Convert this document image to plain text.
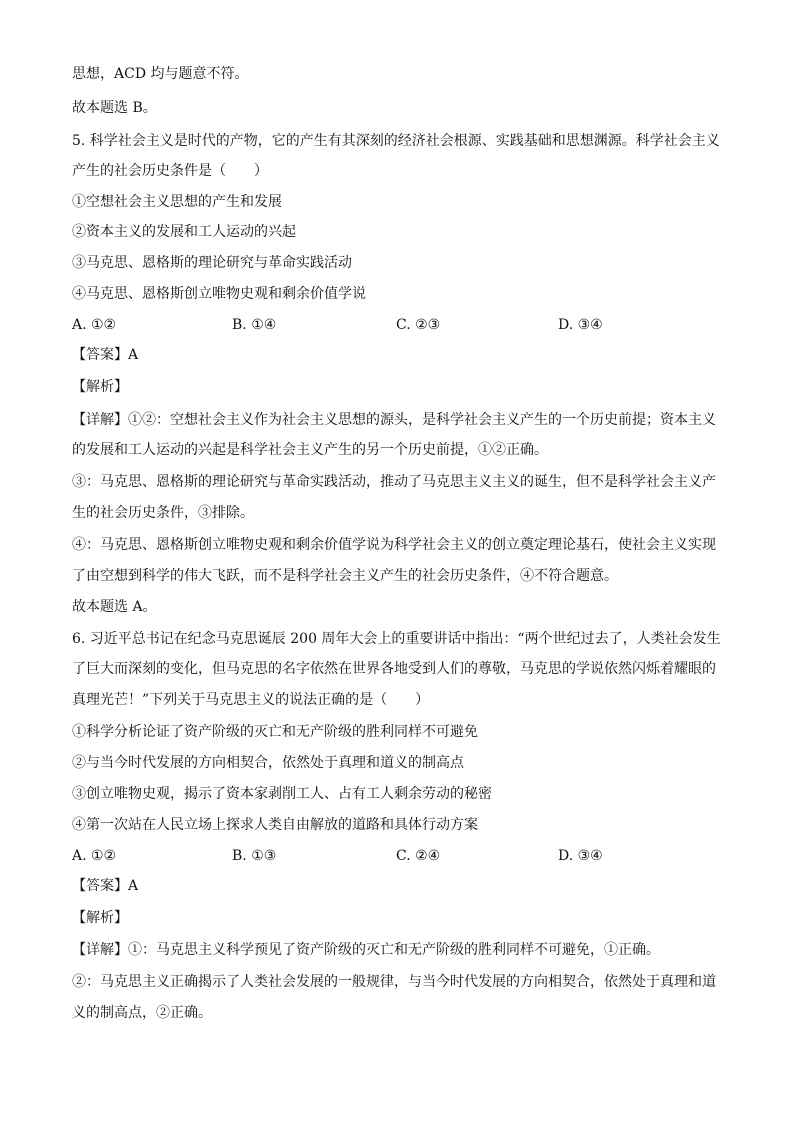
思想，ACD 均与题意不符。
故本题选 B。
5. 科学社会主义是时代的产物，它的产生有其深刻的经济社会根源、实践基础和思想渊源。科学社会主义
产生的社会历史条件是（　　）
①空想社会主义思想的产生和发展
②资本主义的发展和工人运动的兴起
③马克思、恩格斯的理论研究与革命实践活动
④马克思、恩格斯创立唯物史观和剩余价值学说
A. ①②	B. ①④	C. ②③	D. ③④
【答案】A
【解析】
【详解】①②：空想社会主义作为社会主义思想的源头，是科学社会主义产生的一个历史前提；资本主义
的发展和工人运动的兴起是科学社会主义产生的另一个历史前提，①②正确。
③：马克思、恩格斯的理论研究与革命实践活动，推动了马克思主义主义的诞生，但不是科学社会主义产
生的社会历史条件，③排除。
④：马克思、恩格斯创立唯物史观和剩余价值学说为科学社会主义的创立奠定理论基石，使社会主义实现
了由空想到科学的伟大飞跃，而不是科学社会主义产生的社会历史条件，④不符合题意。
故本题选 A。
6. 习近平总书记在纪念马克思诞辰 200 周年大会上的重要讲话中指出：“两个世纪过去了，人类社会发生
了巨大而深刻的变化，但马克思的名字依然在世界各地受到人们的尊敬，马克思的学说依然闪烁着耀眼的
真理光芒！”下列关于马克思主义的说法正确的是（　　）
①科学分析论证了资产阶级的灭亡和无产阶级的胜利同样不可避免
②与当今时代发展的方向相契合，依然处于真理和道义的制高点
③创立唯物史观，揭示了资本家剥削工人、占有工人剩余劳动的秘密
④第一次站在人民立场上探求人类自由解放的道路和具体行动方案
A. ①②	B. ①③	C. ②④	D. ③④
【答案】A
【解析】
【详解】①：马克思主义科学预见了资产阶级的灭亡和无产阶级的胜利同样不可避免，①正确。
②：马克思主义正确揭示了人类社会发展的一般规律，与当今时代发展的方向相契合，依然处于真理和道
义的制高点，②正确。
